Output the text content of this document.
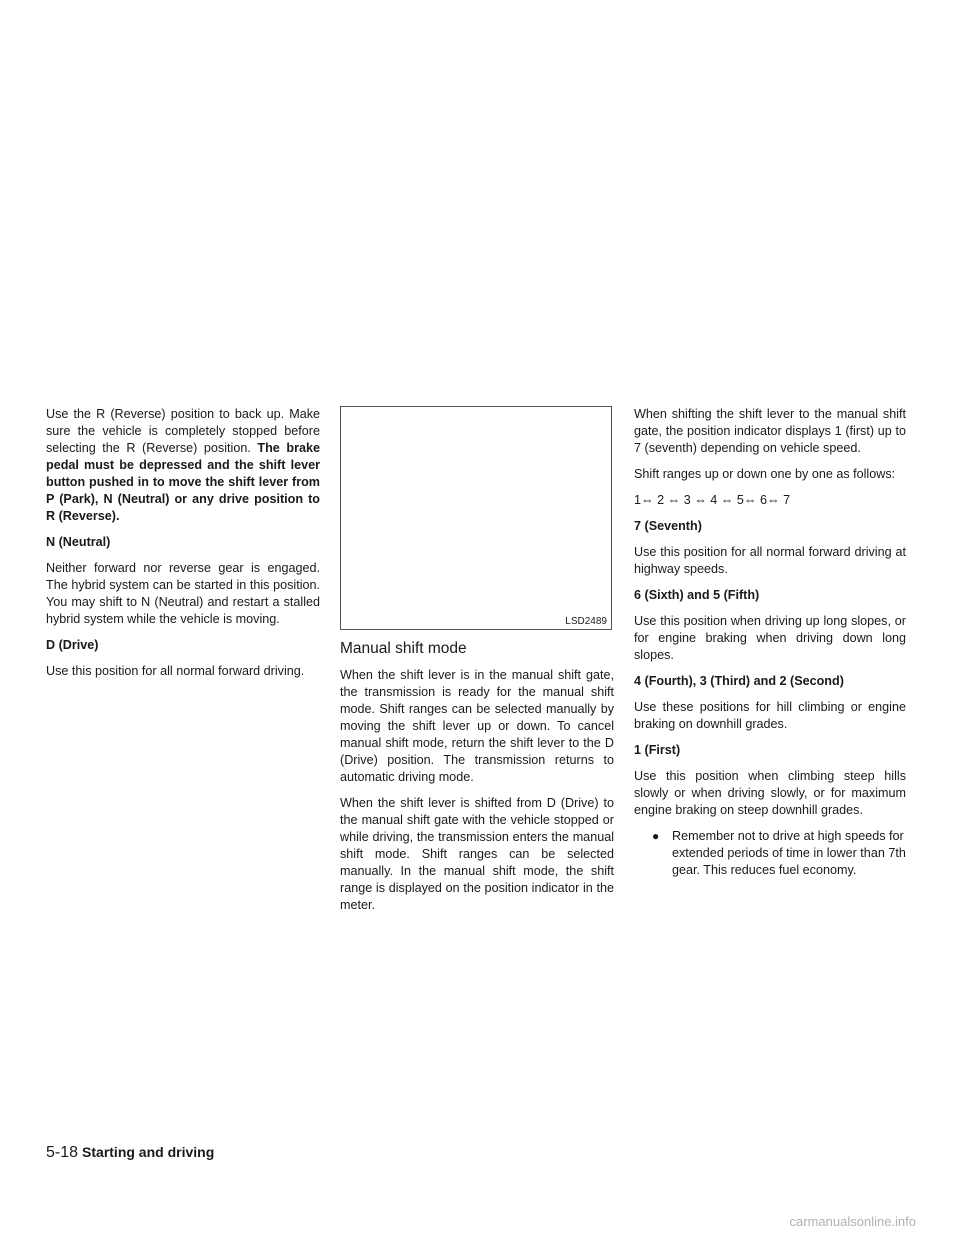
Use the R (Reverse) position to back up. Make sure the vehicle is completely stopped before selecting the R (Reverse) position. The brake pedal must be depressed and the shift lever button pushed in to move the shift lever from P (Park), N (Neutral) or any drive position to R (Reverse).

N (Neutral)

Neither forward nor reverse gear is engaged. The hybrid system can be started in this position. You may shift to N (Neutral) and restart a stalled hybrid system while the vehicle is moving.

D (Drive)

Use this position for all normal forward driving.

LSD2489
Manual shift mode

When the shift lever is in the manual shift gate, the transmission is ready for the manual shift mode. Shift ranges can be selected manually by moving the shift lever up or down. To cancel manual shift mode, return the shift lever to the D (Drive) position. The transmission returns to automatic driving mode.

When the shift lever is shifted from D (Drive) to the manual shift gate with the vehicle stopped or while driving, the transmission enters the manual shift mode. Shift ranges can be selected manually. In the manual shift mode, the shift range is displayed on the position indicator in the meter.

When shifting the shift lever to the manual shift gate, the position indicator displays 1 (first) up to 7 (seventh) depending on vehicle speed.

Shift ranges up or down one by one as follows:

1⇔ 2 ⇔ 3 ⇔ 4 ⇔ 5⇔ 6⇔ 7

7 (Seventh)

Use this position for all normal forward driving at highway speeds.

6 (Sixth) and 5 (Fifth)

Use this position when driving up long slopes, or for engine braking when driving down long slopes.

4 (Fourth), 3 (Third) and 2 (Second)

Use these positions for hill climbing or engine braking on downhill grades.

1 (First)

Use this position when climbing steep hills slowly or when driving slowly, or for maximum engine braking on steep downhill grades.

●	Remember not to drive at high speeds for extended periods of time in lower than 7th gear. This reduces fuel economy.
5-18 Starting and driving
carmanualsonline.info
